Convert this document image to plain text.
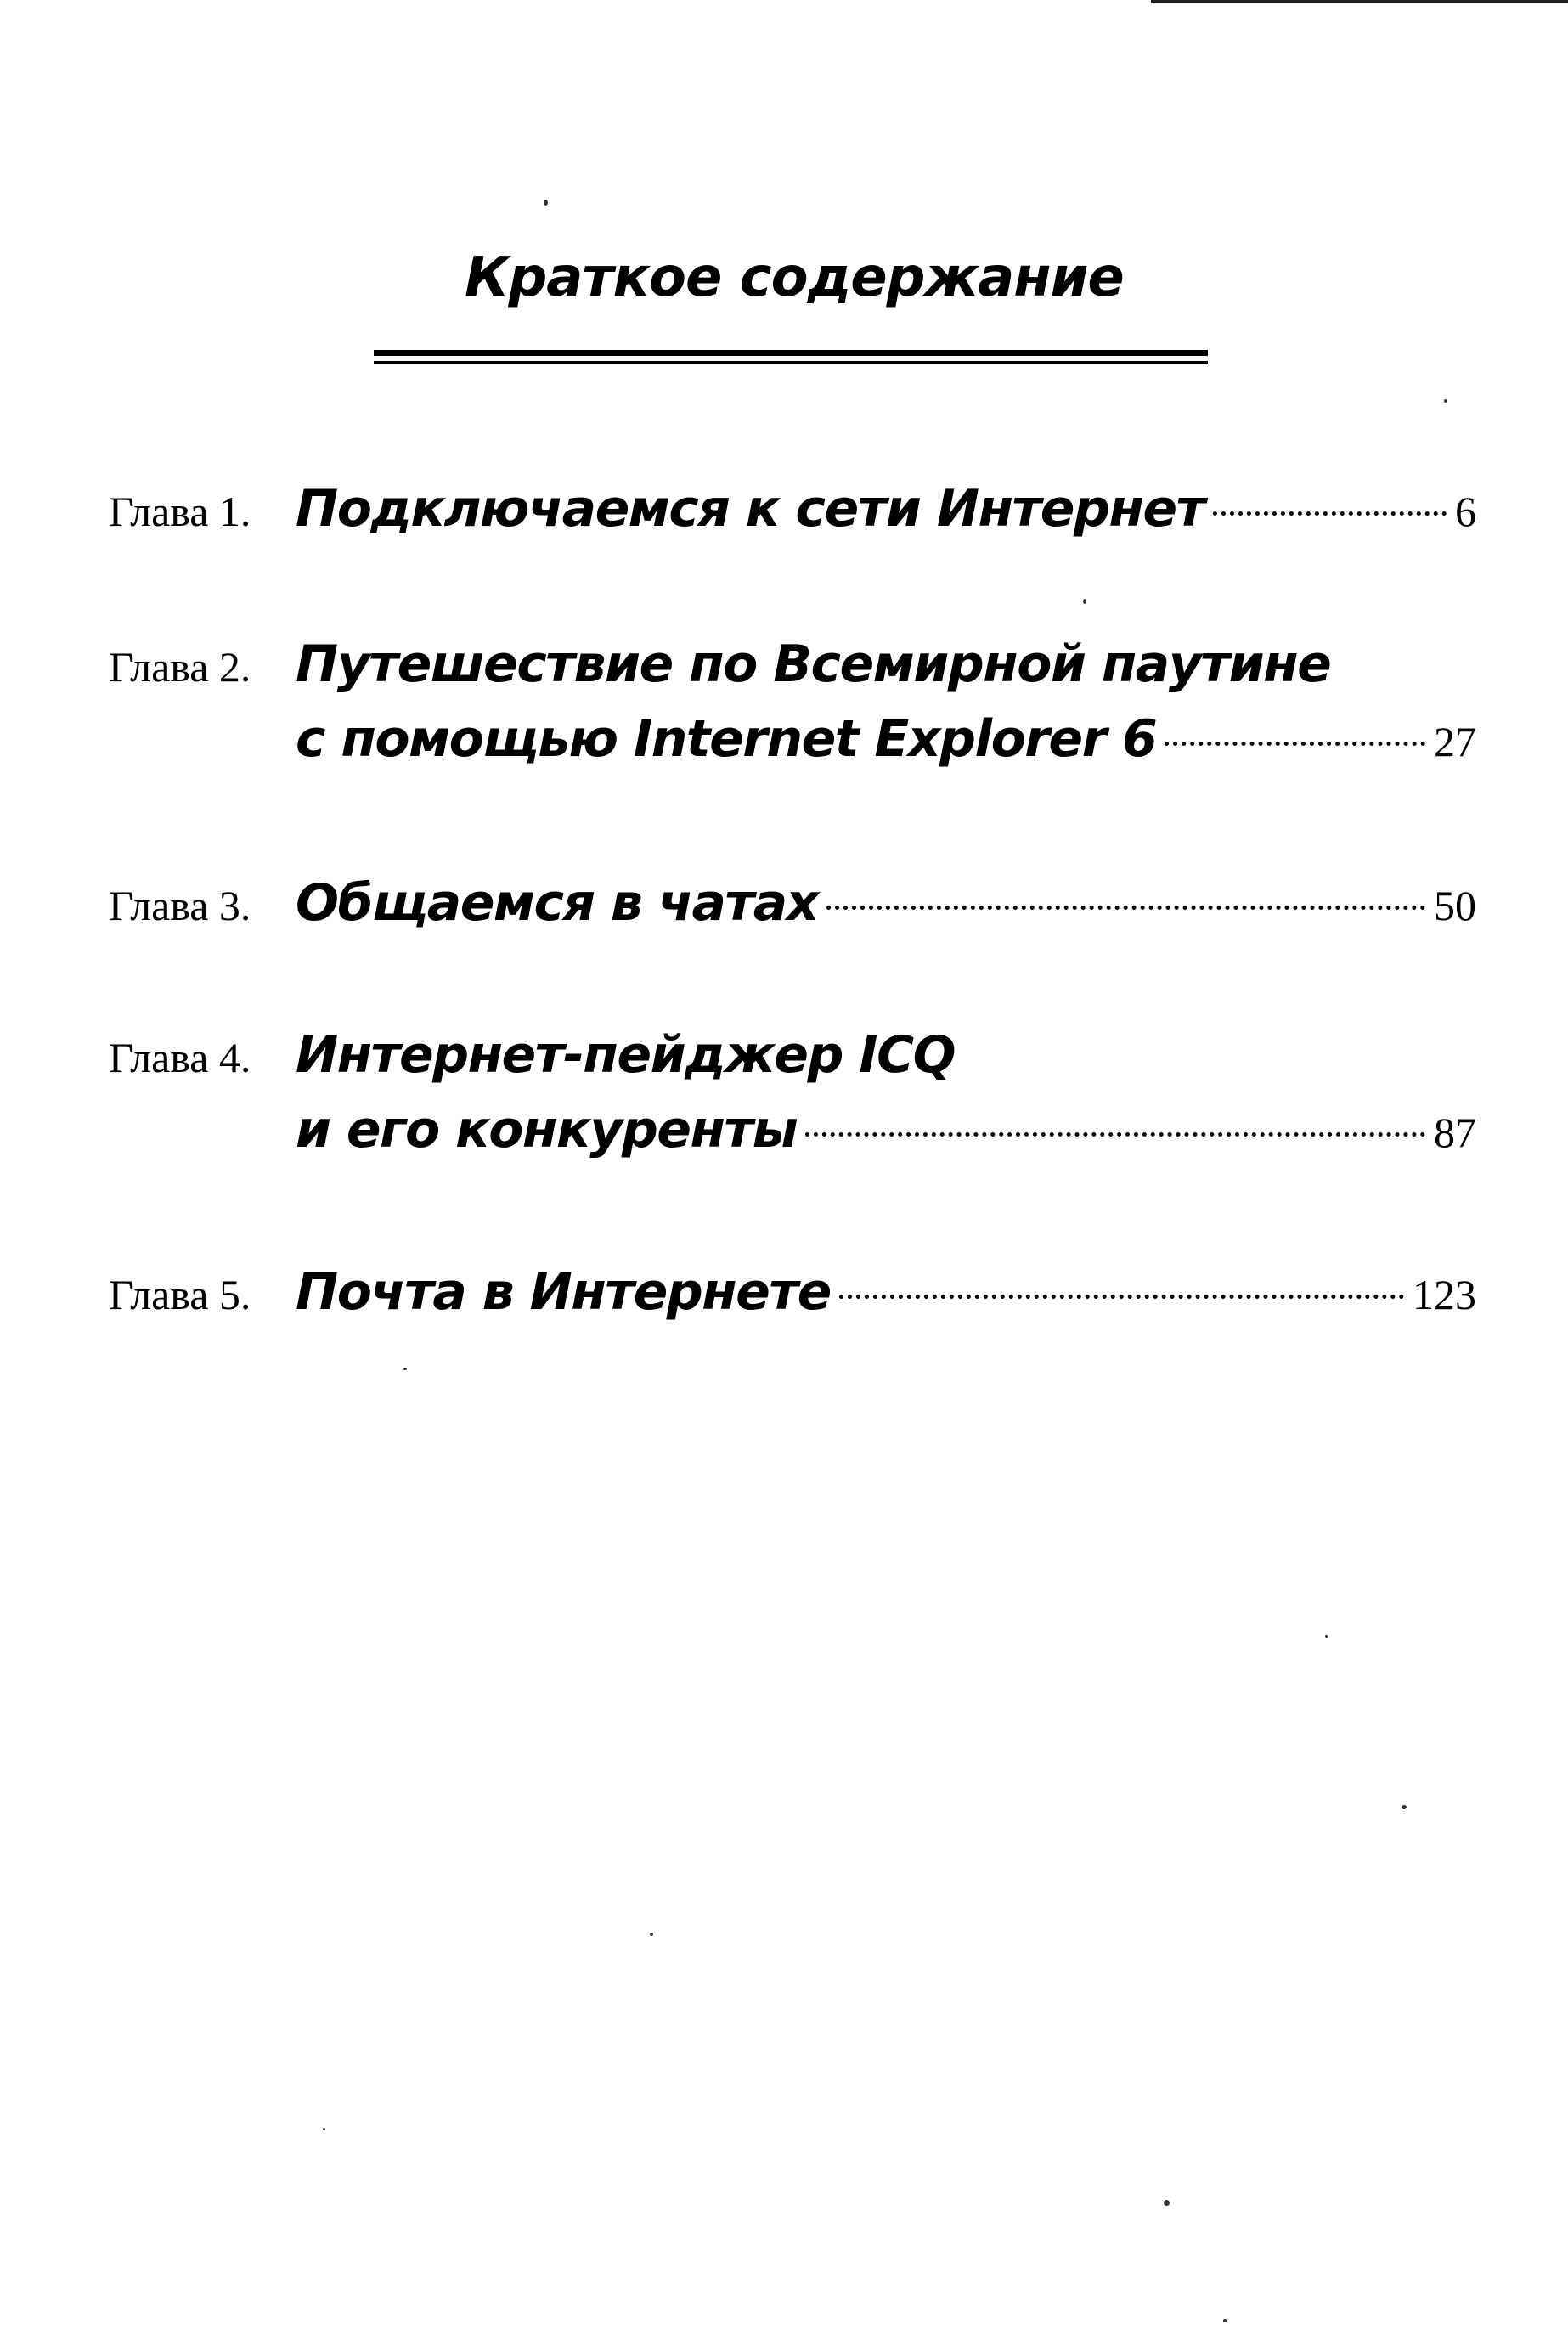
Краткое содержание
Глава 1. Подключаемся к сети Интернет	6
Глава 2. Путешествие по Всемирной паутине
с помощью Internet Explorer 6	27
Глава 3. Общаемся в чатах	50
Глава 4. Интернет-пейджер ICQ
и его конкуренты	87
Глава 5. Почта в Интернете	123
